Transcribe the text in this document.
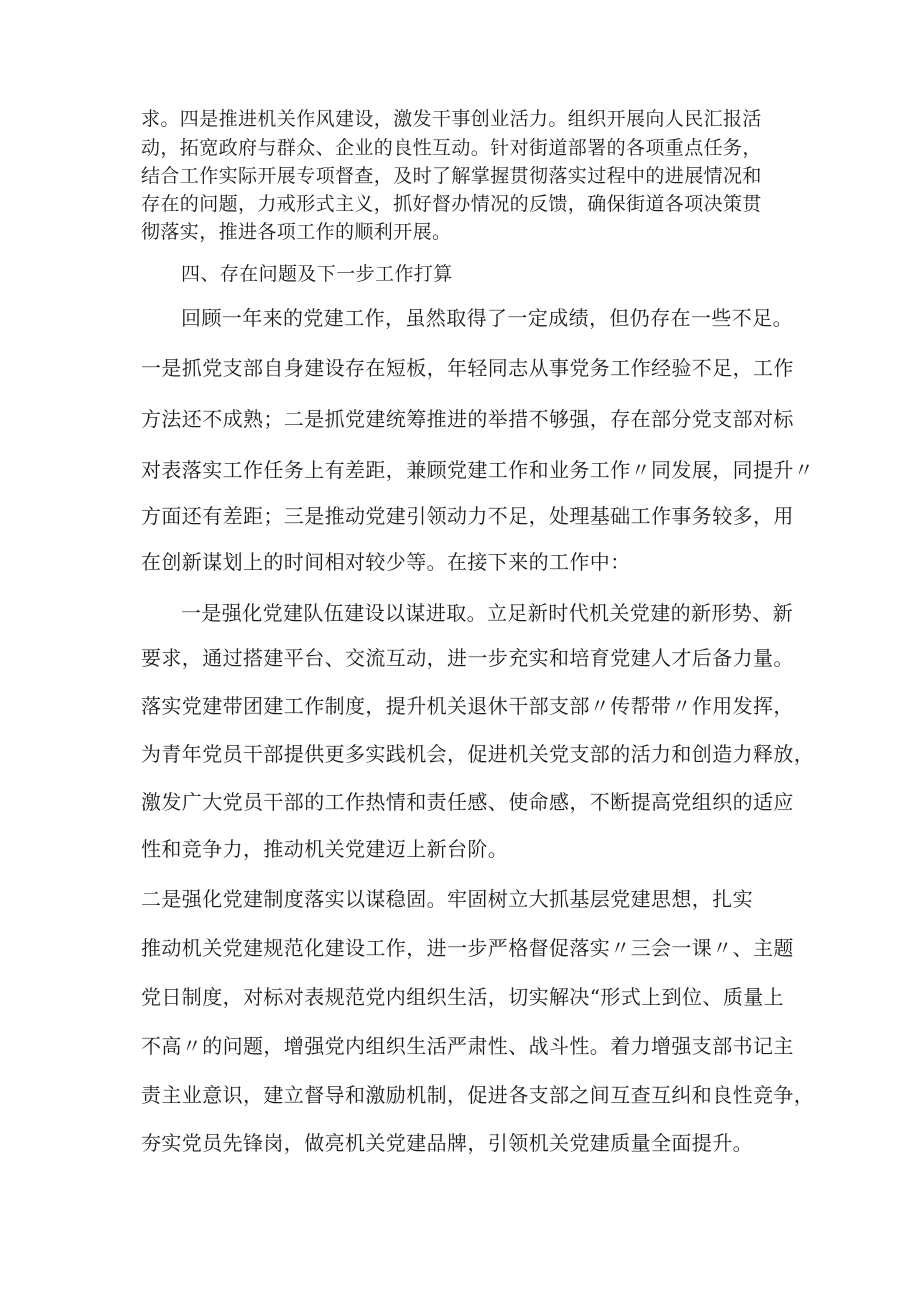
求。四是推进机关作风建设，激发干事创业活力。组织开展向人民汇报活
动，拓宽政府与群众、企业的良性互动。针对街道部署的各项重点任务，
结合工作实际开展专项督查，及时了解掌握贯彻落实过程中的进展情况和
存在的问题，力戒形式主义，抓好督办情况的反馈，确保街道各项决策贯
彻落实，推进各项工作的顺利开展。
四、存在问题及下一步工作打算
回顾一年来的党建工作，虽然取得了一定成绩，但仍存在一些不足。
一是抓党支部自身建设存在短板，年轻同志从事党务工作经验不足，工作
方法还不成熟；二是抓党建统筹推进的举措不够强，存在部分党支部对标
对表落实工作任务上有差距，兼顾党建工作和业务工作〃同发展，同提升〃
方面还有差距；三是推动党建引领动力不足，处理基础工作事务较多，用
在创新谋划上的时间相对较少等。在接下来的工作中：
一是强化党建队伍建设以谋进取。立足新时代机关党建的新形势、新
要求，通过搭建平台、交流互动，进一步充实和培育党建人才后备力量。
落实党建带团建工作制度，提升机关退休干部支部〃传帮带〃作用发挥，
为青年党员干部提供更多实践机会，促进机关党支部的活力和创造力释放，
激发广大党员干部的工作热情和责任感、使命感，不断提高党组织的适应
性和竞争力，推动机关党建迈上新台阶。
二是强化党建制度落实以谋稳固。牢固树立大抓基层党建思想，扎实
推动机关党建规范化建设工作，进一步严格督促落实〃三会一课〃、主题
党日制度，对标对表规范党内组织生活，切实解决“形式上到位、质量上
不高〃的问题，增强党内组织生活严肃性、战斗性。着力增强支部书记主
责主业意识，建立督导和激励机制，促进各支部之间互查互纠和良性竞争，
夯实党员先锋岗，做亮机关党建品牌，引领机关党建质量全面提升。
